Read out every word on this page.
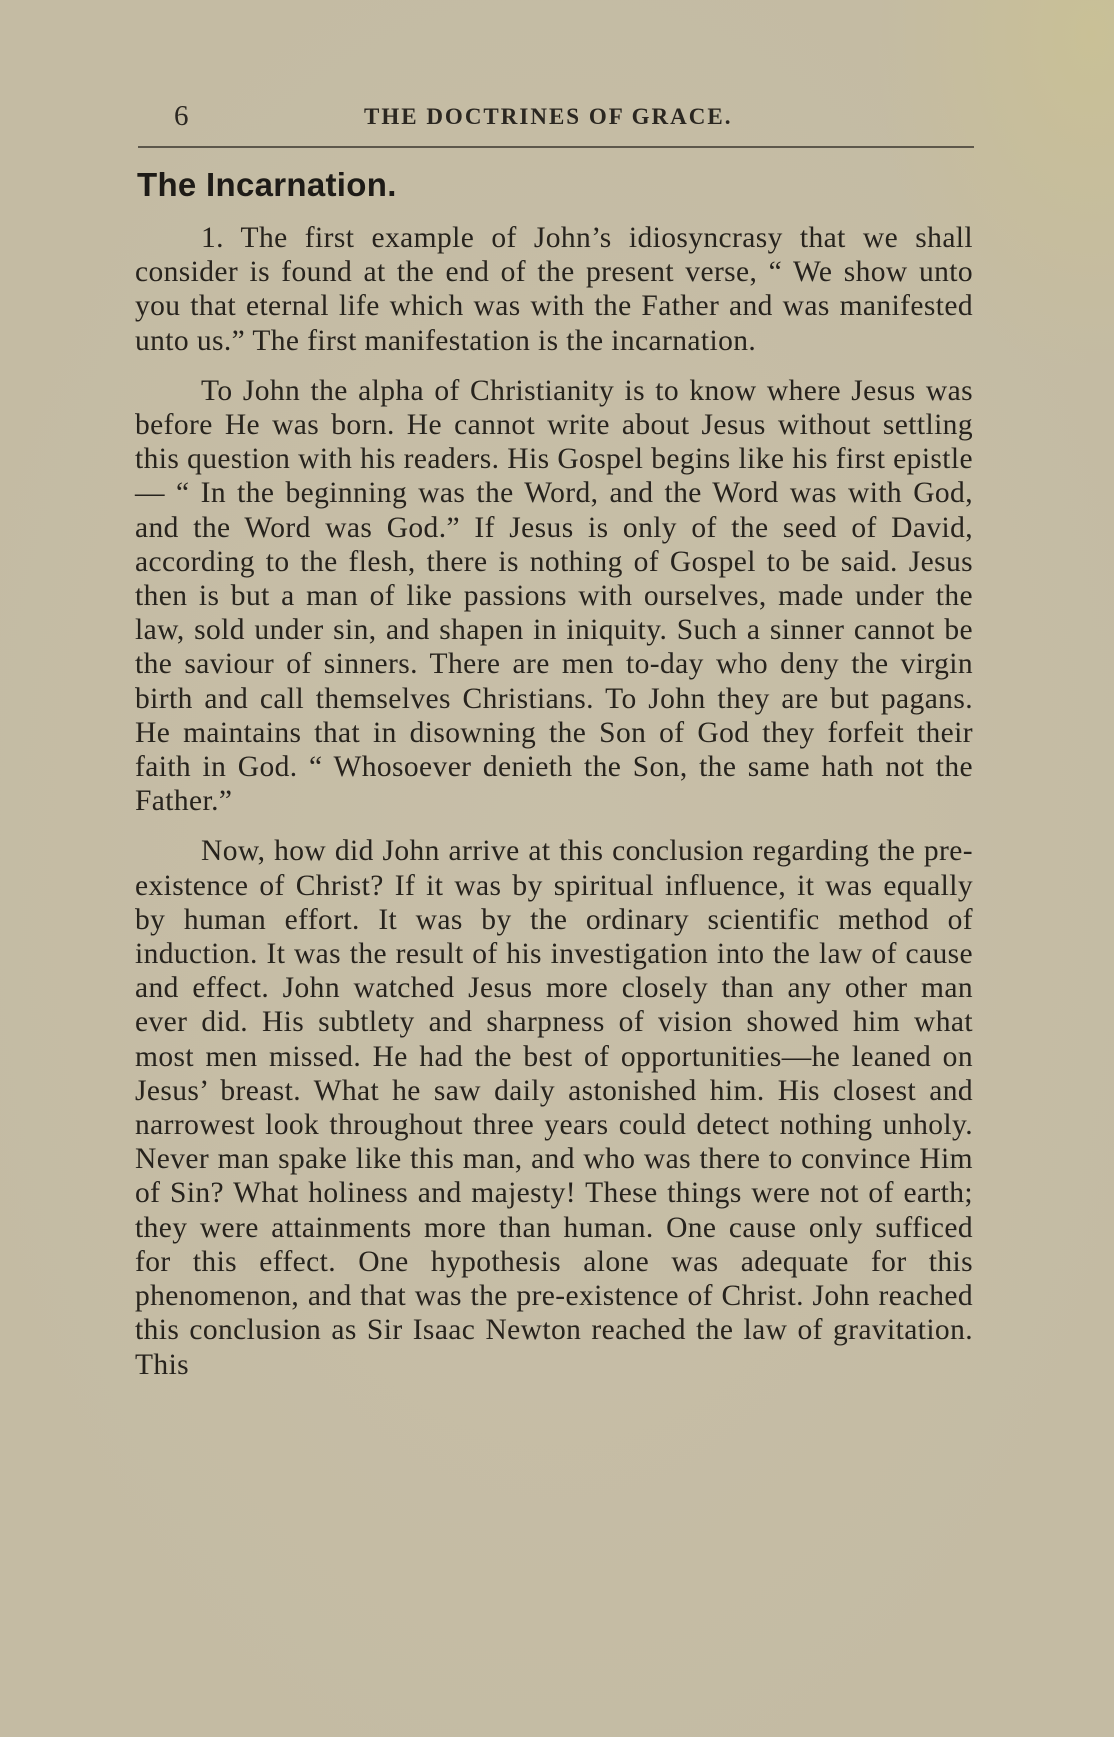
6	THE DOCTRINES OF GRACE.
The Incarnation.

1. The first example of John’s idiosyncrasy that we shall consider is found at the end of the present verse, “ We show unto you that eternal life which was with the Father and was manifested unto us.” The first manifestation is the incarnation.

To John the alpha of Christianity is to know where Jesus was before He was born. He cannot write about Jesus without settling this question with his readers. His Gospel begins like his first epistle— “ In the beginning was the Word, and the Word was with God, and the Word was God.” If Jesus is only of the seed of David, according to the flesh, there is nothing of Gospel to be said. Jesus then is but a man of like passions with ourselves, made under the law, sold under sin, and shapen in iniquity. Such a sinner cannot be the saviour of sinners. There are men to-day who deny the virgin birth and call themselves Christians. To John they are but pagans. He maintains that in disowning the Son of God they forfeit their faith in God. “ Whosoever denieth the Son, the same hath not the Father.”

Now, how did John arrive at this conclusion regarding the pre-existence of Christ? If it was by spiritual influence, it was equally by human effort. It was by the ordinary scientific method of induction. It was the result of his investigation into the law of cause and effect. John watched Jesus more closely than any other man ever did. His subtlety and sharpness of vision showed him what most men missed. He had the best of opportunities—he leaned on Jesus’ breast. What he saw daily astonished him. His closest and narrowest look throughout three years could detect nothing unholy. Never man spake like this man, and who was there to convince Him of Sin? What holiness and majesty! These things were not of earth; they were attainments more than human. One cause only sufficed for this effect. One hypothesis alone was adequate for this phenomenon, and that was the pre-existence of Christ. John reached this conclusion as Sir Isaac Newton reached the law of gravitation. This
